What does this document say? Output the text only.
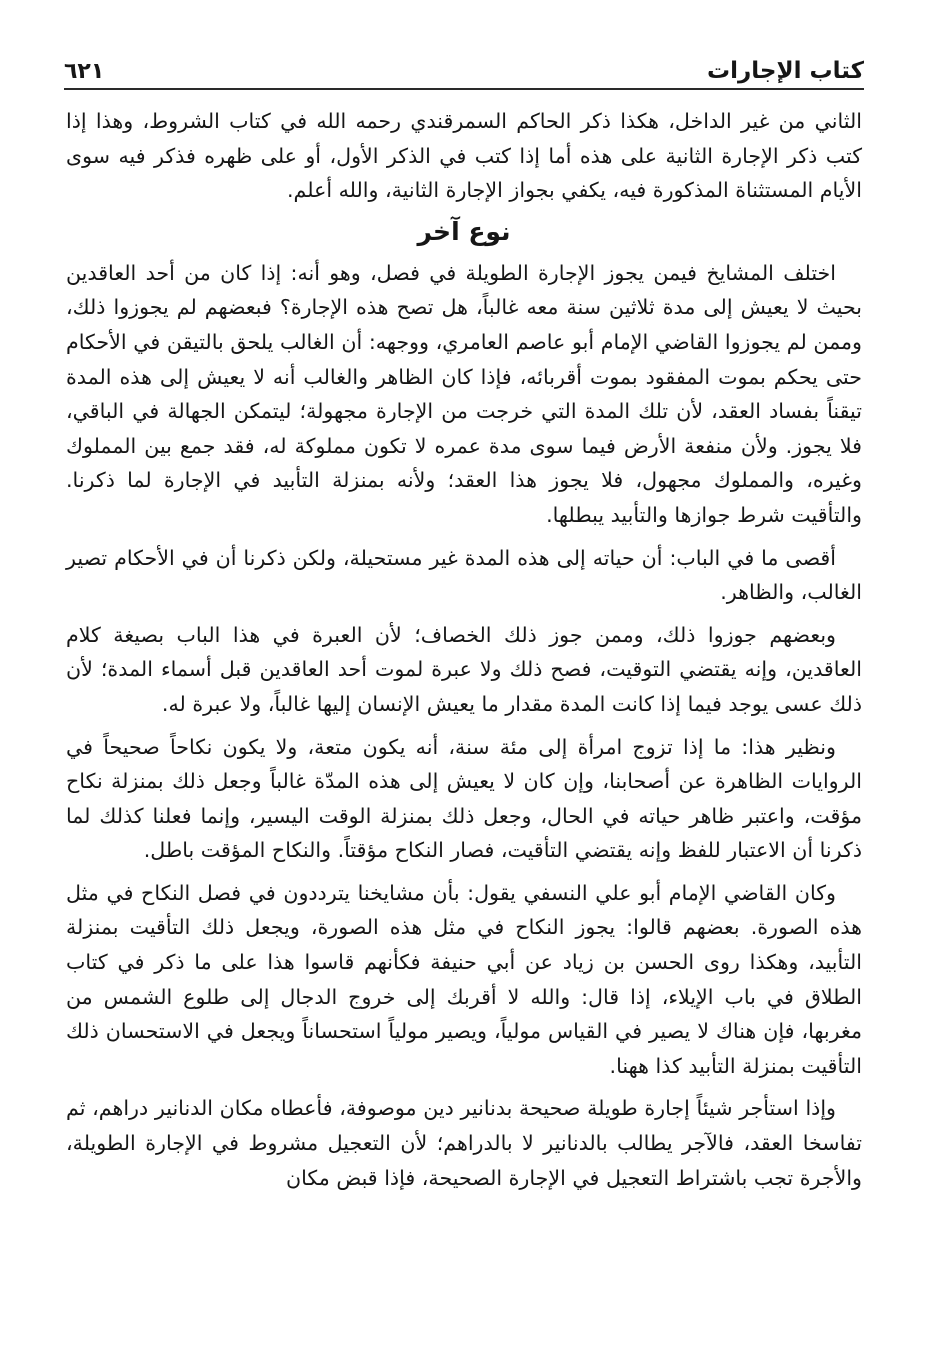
كتاب الإجارات
٦٢١

الثاني من غير الداخل، هكذا ذكر الحاكم السمرقندي رحمه الله في كتاب الشروط، وهذا إذا كتب ذكر الإجارة الثانية على هذه أما إذا كتب في الذكر الأول، أو على ظهره فذكر فيه سوى الأيام المستثناة المذكورة فيه، يكفي بجواز الإجارة الثانية، والله أعلم.

نوع آخر

اختلف المشايخ فيمن يجوز الإجارة الطويلة في فصل، وهو أنه: إذا كان من أحد العاقدين بحيث لا يعيش إلى مدة ثلاثين سنة معه غالباً، هل تصح هذه الإجارة؟ فبعضهم لم يجوزوا ذلك، وممن لم يجوزوا القاضي الإمام أبو عاصم العامري، ووجهه: أن الغالب يلحق بالتيقن في الأحكام حتى يحكم بموت المفقود بموت أقربائه، فإذا كان الظاهر والغالب أنه لا يعيش إلى هذه المدة تيقناً بفساد العقد، لأن تلك المدة التي خرجت من الإجارة مجهولة؛ ليتمكن الجهالة في الباقي، فلا يجوز. ولأن منفعة الأرض فيما سوى مدة عمره لا تكون مملوكة له، فقد جمع بين المملوك وغيره، والمملوك مجهول، فلا يجوز هذا العقد؛ ولأنه بمنزلة التأبيد في الإجارة لما ذكرنا. والتأقيت شرط جوازها والتأبيد يبطلها.

أقصى ما في الباب: أن حياته إلى هذه المدة غير مستحيلة، ولكن ذكرنا أن في الأحكام تصير الغالب، والظاهر.

وبعضهم جوزوا ذلك، وممن جوز ذلك الخصاف؛ لأن العبرة في هذا الباب بصيغة كلام العاقدين، وإنه يقتضي التوقيت، فصح ذلك ولا عبرة لموت أحد العاقدين قبل أسماء المدة؛ لأن ذلك عسى يوجد فيما إذا كانت المدة مقدار ما يعيش الإنسان إليها غالباً، ولا عبرة له.

ونظير هذا: ما إذا تزوج امرأة إلى مئة سنة، أنه يكون متعة، ولا يكون نكاحاً صحيحاً في الروايات الظاهرة عن أصحابنا، وإن كان لا يعيش إلى هذه المدّة غالباً وجعل ذلك بمنزلة نكاح مؤقت، واعتبر ظاهر حياته في الحال، وجعل ذلك بمنزلة الوقت اليسير، وإنما فعلنا كذلك لما ذكرنا أن الاعتبار للفظ وإنه يقتضي التأقيت، فصار النكاح مؤقتاً. والنكاح المؤقت باطل.

وكان القاضي الإمام أبو علي النسفي يقول: بأن مشايخنا يترددون في فصل النكاح في مثل هذه الصورة. بعضهم قالوا: يجوز النكاح في مثل هذه الصورة، ويجعل ذلك التأقيت بمنزلة التأبيد، وهكذا روى الحسن بن زياد عن أبي حنيفة فكأنهم قاسوا هذا على ما ذكر في كتاب الطلاق في باب الإيلاء، إذا قال: والله لا أقربك إلى خروج الدجال إلى طلوع الشمس من مغربها، فإن هناك لا يصير في القياس مولياً، ويصير مولياً استحساناً ويجعل في الاستحسان ذلك التأقيت بمنزلة التأبيد كذا ههنا.

وإذا استأجر شيئاً إجارة طويلة صحيحة بدنانير دين موصوفة، فأعطاه مكان الدنانير دراهم، ثم تفاسخا العقد، فالآجر يطالب بالدنانير لا بالدراهم؛ لأن التعجيل مشروط في الإجارة الطويلة، والأجرة تجب باشتراط التعجيل في الإجارة الصحيحة، فإذا قبض مكان
